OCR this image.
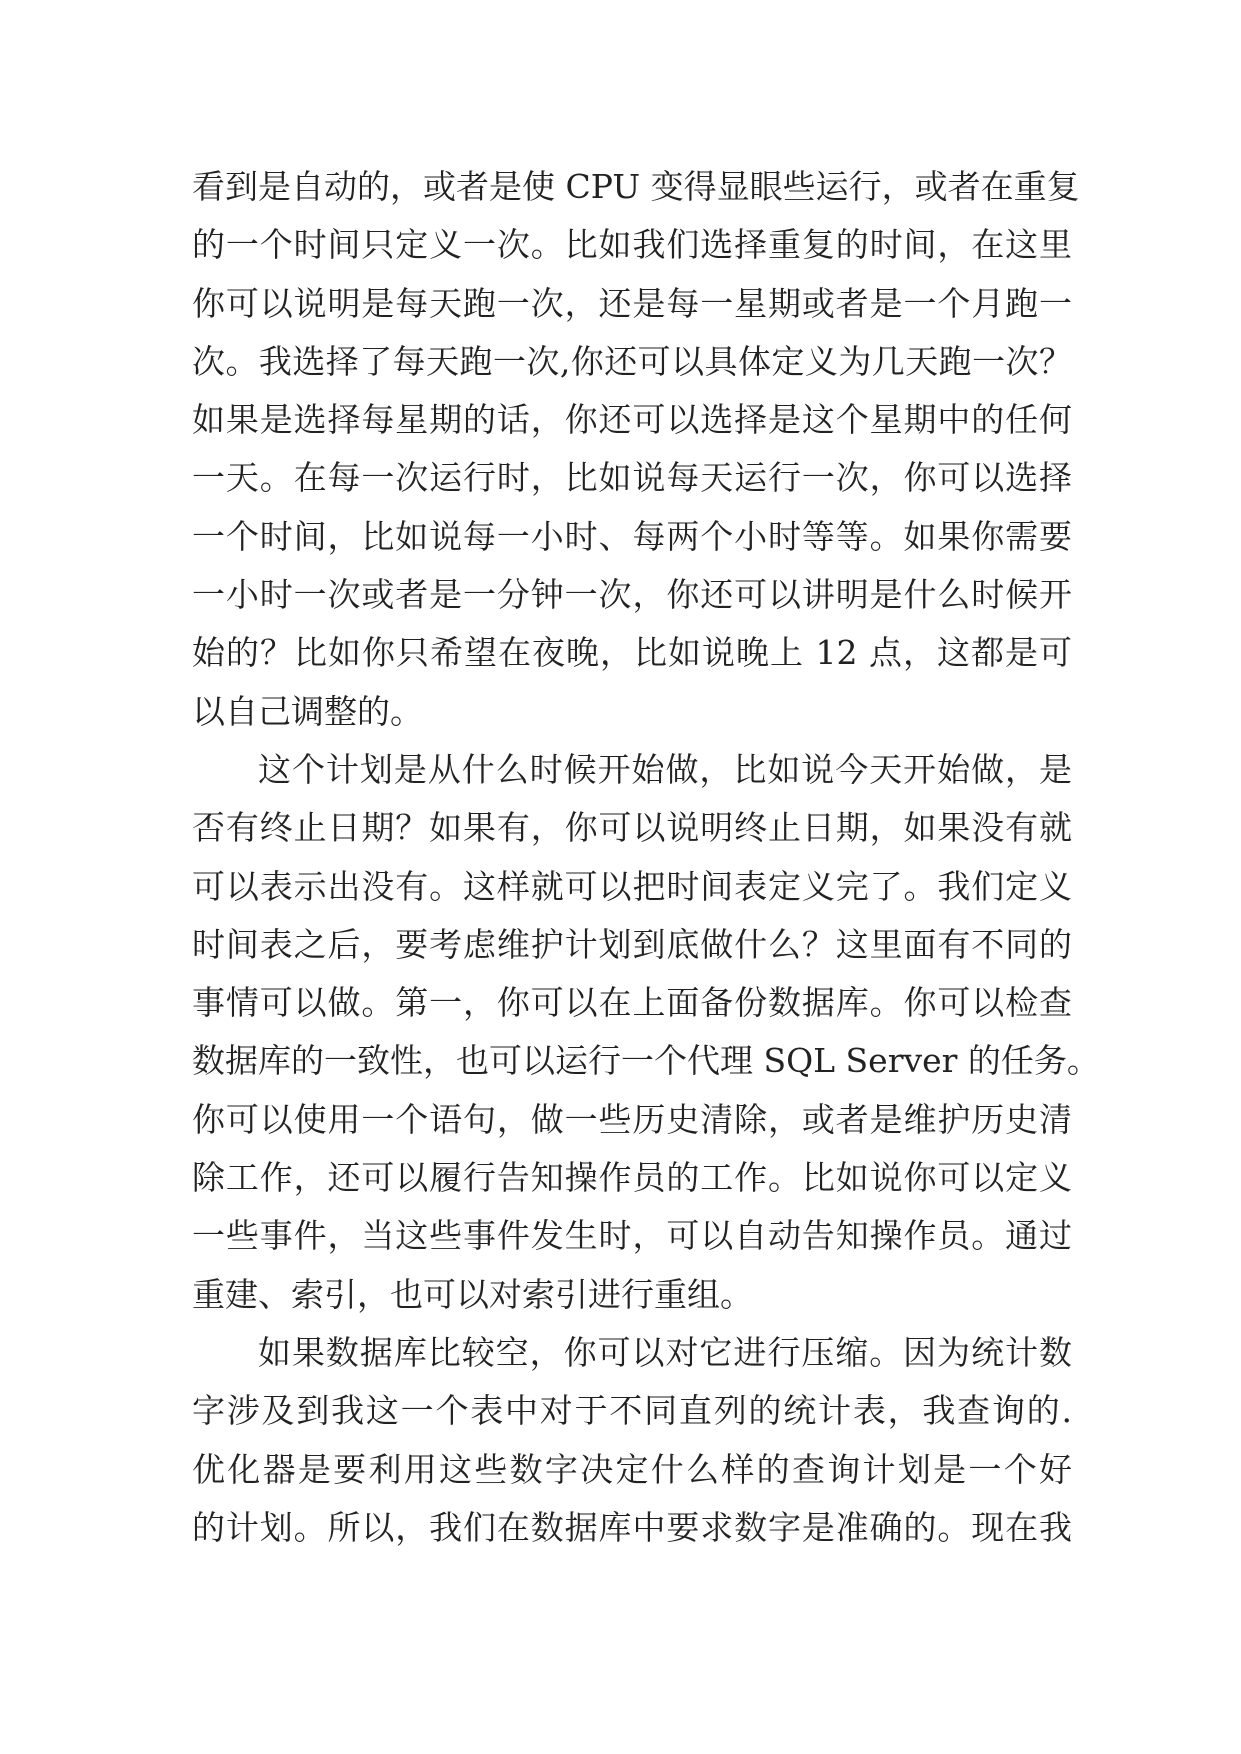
看到是自动的，或者是使 CPU 变得显眼些运行，或者在重复
的一个时间只定义一次。比如我们选择重复的时间，在这里
你可以说明是每天跑一次，还是每一星期或者是一个月跑一
次。我选择了每天跑一次,你还可以具体定义为几天跑一次？
如果是选择每星期的话，你还可以选择是这个星期中的任何
一天。在每一次运行时，比如说每天运行一次，你可以选择
一个时间，比如说每一小时、每两个小时等等。如果你需要
一小时一次或者是一分钟一次，你还可以讲明是什么时候开
始的？比如你只希望在夜晚，比如说晚上 12 点，这都是可
以自己调整的。
这个计划是从什么时候开始做，比如说今天开始做，是
否有终止日期？如果有，你可以说明终止日期，如果没有就
可以表示出没有。这样就可以把时间表定义完了。我们定义
时间表之后，要考虑维护计划到底做什么？这里面有不同的
事情可以做。第一，你可以在上面备份数据库。你可以检查
数据库的一致性，也可以运行一个代理 SQL Server 的任务。
你可以使用一个语句，做一些历史清除，或者是维护历史清
除工作，还可以履行告知操作员的工作。比如说你可以定义
一些事件，当这些事件发生时，可以自动告知操作员。通过
重建、索引，也可以对索引进行重组。
如果数据库比较空，你可以对它进行压缩。因为统计数
字涉及到我这一个表中对于不同直列的统计表，我查询的.
优化器是要利用这些数字决定什么样的查询计划是一个好
的计划。所以，我们在数据库中要求数字是准确的。现在我
